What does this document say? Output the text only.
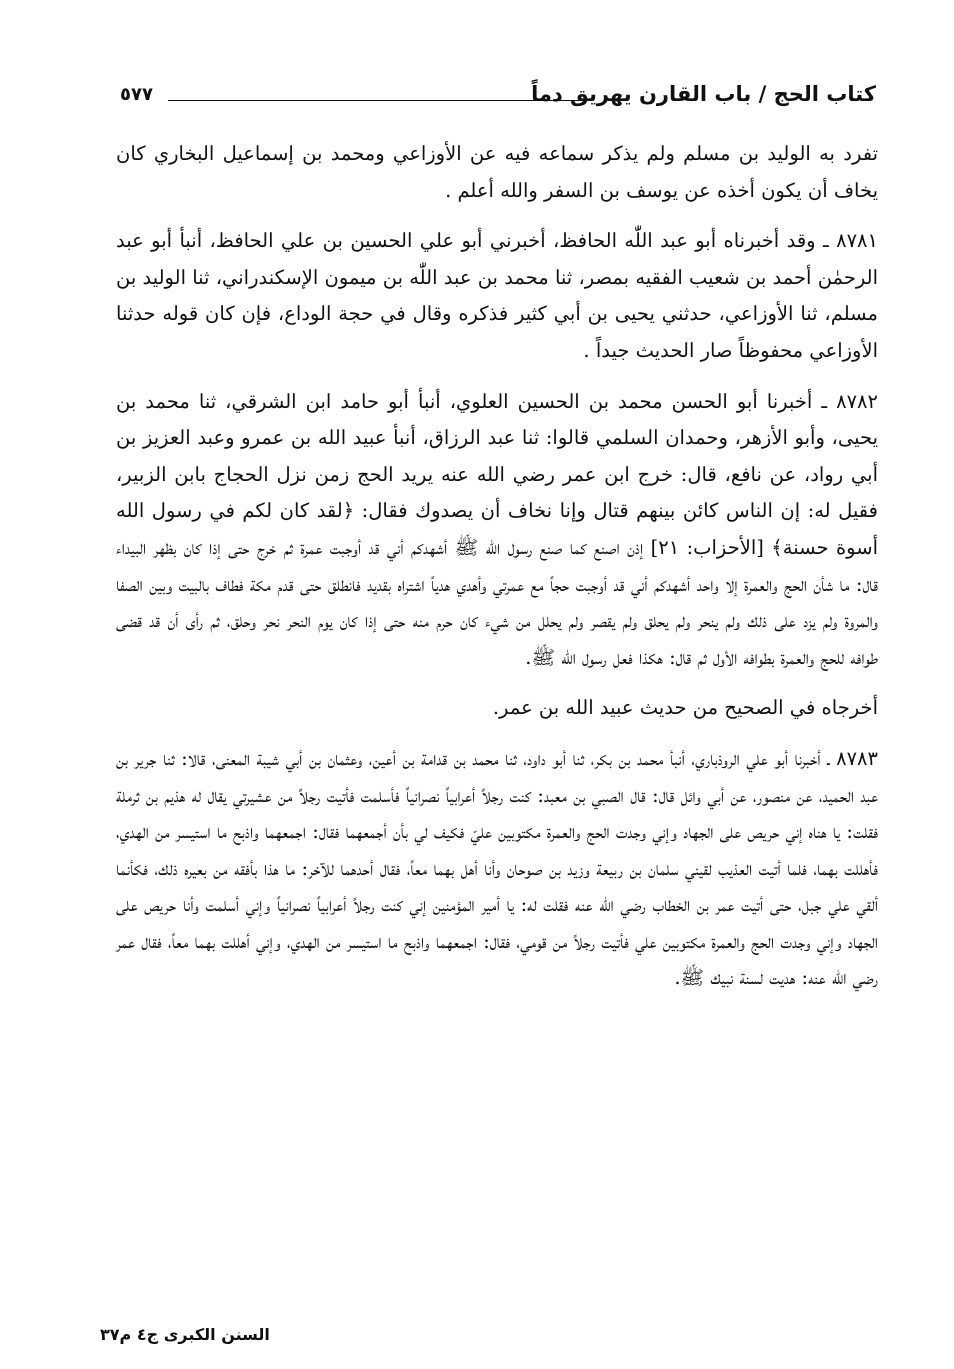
كتاب الحج / باب القارن يهريق دماً
٥٧٧

تفرد به الوليد بن مسلم ولم يذكر سماعه فيه عن الأوزاعي ومحمد بن إسماعيل البخاري كان يخاف أن يكون أخذه عن يوسف بن السفر والله أعلم .

٨٧٨١ ـ وقد أخبرناه أبو عبد اللّٰه الحافظ، أخبرني أبو علي الحسين بن علي الحافظ، أنبأ أبو عبد الرحمٰن أحمد بن شعيب الفقيه بمصر، ثنا محمد بن عبد اللّٰه بن ميمون الإسكندراني، ثنا الوليد بن مسلم، ثنا الأوزاعي، حدثني يحيى بن أبي كثير فذكره وقال في حجة الوداع، فإن كان قوله حدثنا الأوزاعي محفوظاً صار الحديث جيداً .

٨٧٨٢ ـ أخبرنا أبو الحسن محمد بن الحسين العلوي، أنبأ أبو حامد ابن الشرقي، ثنا محمد بن يحيى، وأبو الأزهر، وحمدان السلمي قالوا: ثنا عبد الرزاق، أنبأ عبيد الله بن عمرو وعبد العزيز بن أبي رواد، عن نافع، قال: خرج ابن عمر رضي الله عنه يريد الحج زمن نزل الحجاج بابن الزبير، فقيل له: إن الناس كائن بينهم قتال وإنا نخاف أن يصدوك فقال: ﴿لقد كان لكم في رسول الله أسوة حسنة﴾ [الأحزاب: ٢١] إذن اصنع كما صنع رسول الله ﷺ أشهدكم أني قد أوجبت عمرة ثم خرج حتى إذا كان بظهر البيداء قال: ما شأن الحج والعمرة إلا واحد أشهدكم أني قد أوجبت حجاً مع عمرتي وأهدي هدياً اشتراه بقديد فانطلق حتى قدم مكة فطاف بالبيت وبين الصفا والمروة ولم يزد على ذلك ولم ينحر ولم يحلق ولم يقصر ولم يحلل من شيء كان حرم منه حتى إذا كان يوم النحر نحر وحلق، ثم رأى أن قد قضى طوافه للحج والعمرة بطوافه الأول ثم قال: هكذا فعل رسول الله ﷺ.

أخرجاه في الصحيح من حديث عبيد الله بن عمر.

٨٧٨٣ ـ أخبرنا أبو علي الروذباري، أنبأ محمد بن بكر، ثنا أبو داود، ثنا محمد بن قدامة بن أعين، وعثمان بن أبي شيبة المعنى، قالا: ثنا جرير بن عبد الحميد، عن منصور، عن أبي وائل قال: قال الصبي بن معبد: كنت رجلاً أعرابياً نصرانياً فأسلمت فأتيت رجلاً من عشيرتي يقال له هذيم بن ثرملة فقلت: يا هناه إني حريص على الجهاد وإني وجدت الحج والعمرة مكتوبين عليّ فكيف لي بأن أجمعهما فقال: اجمعهما واذبح ما استيسر من الهدي، فأهللت بهما، فلما أتيت العذيب لقيني سلمان بن ربيعة وزيد بن صوحان وأنا أهل بهما معاً، فقال أحدهما للآخر: ما هذا بأفقه من بعيره ذلك، فكأنما ألقي علي جبل، حتى أتيت عمر بن الخطاب رضي الله عنه فقلت له: يا أمير المؤمنين إني كنت رجلاً أعرابياً نصرانياً وإني أسلمت وأنا حريص على الجهاد وإني وجدت الحج والعمرة مكتوبين علي فأتيت رجلاً من قومي، فقال: اجمعهما واذبح ما استيسر من الهدي، وإني أهللت بهما معاً، فقال عمر رضي الله عنه: هديت لسنة نبيك ﷺ.

السنن الكبرى ج٤ م٣٧
